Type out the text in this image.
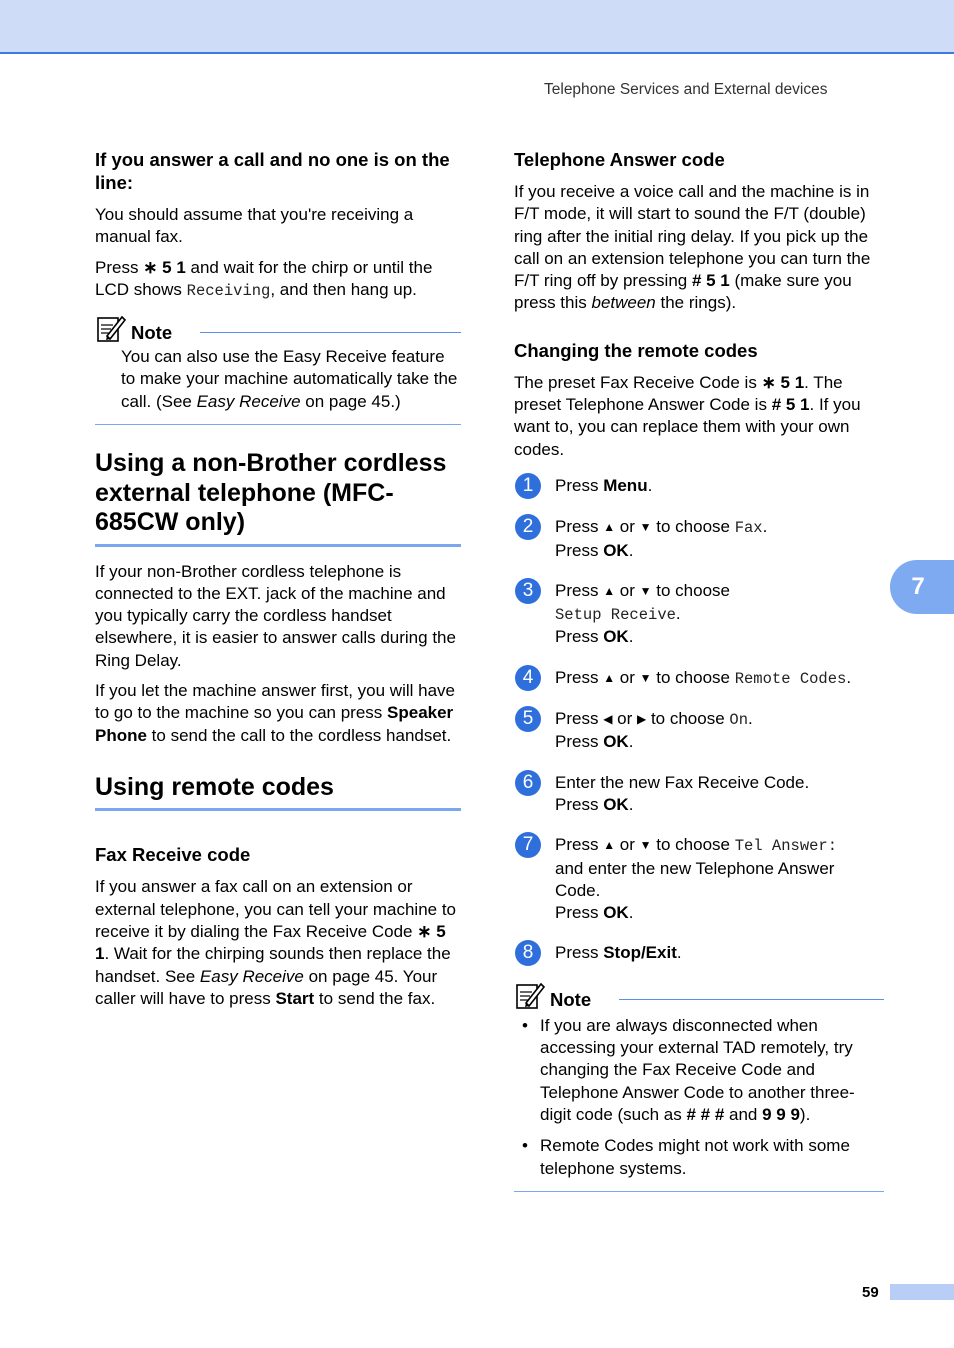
Telephone Services and External devices
If you answer a call and no one is on the line:

You should assume that you're receiving a manual fax.

Press ∗ 5 1 and wait for the chirp or until the LCD shows Receiving, and then hang up.

Note

You can also use the Easy Receive feature to make your machine automatically take the call. (See Easy Receive on page 45.)

Using a non-Brother cordless external telephone (MFC-685CW only)

If your non-Brother cordless telephone is connected to the EXT. jack of the machine and you typically carry the cordless handset elsewhere, it is easier to answer calls during the Ring Delay.

If you let the machine answer first, you will have to go to the machine so you can press Speaker Phone to send the call to the cordless handset.

Using remote codes
Fax Receive code

If you answer a fax call on an extension or external telephone, you can tell your machine to receive it by dialing the Fax Receive Code ∗ 5 1. Wait for the chirping sounds then replace the handset. See Easy Receive on page 45. Your caller will have to press Start to send the fax.

Telephone Answer code

If you receive a voice call and the machine is in F/T mode, it will start to sound the F/T (double) ring after the initial ring delay. If you pick up the call on an extension telephone you can turn the F/T ring off by pressing # 5 1 (make sure you press this between the rings).

Changing the remote codes

The preset Fax Receive Code is ∗ 5 1. The preset Telephone Answer Code is # 5 1. If you want to, you can replace them with your own codes.

1	Press Menu.
2	Press ▲ or ▼ to choose Fax.
Press OK.
3	Press ▲ or ▼ to choose
Setup Receive.
Press OK.
4	Press ▲ or ▼ to choose Remote Codes.
5	Press ◀ or ▶ to choose On.
Press OK.
6	Enter the new Fax Receive Code.
Press OK.
7	Press ▲ or ▼ to choose Tel Answer:
and enter the new Telephone Answer Code.
Press OK.
8	Press Stop/Exit.
Note
• If you are always disconnected when accessing your external TAD remotely, try changing the Fax Receive Code and Telephone Answer Code to another three-digit code (such as # # # and 9 9 9).
• Remote Codes might not work with some telephone systems.
7
59
